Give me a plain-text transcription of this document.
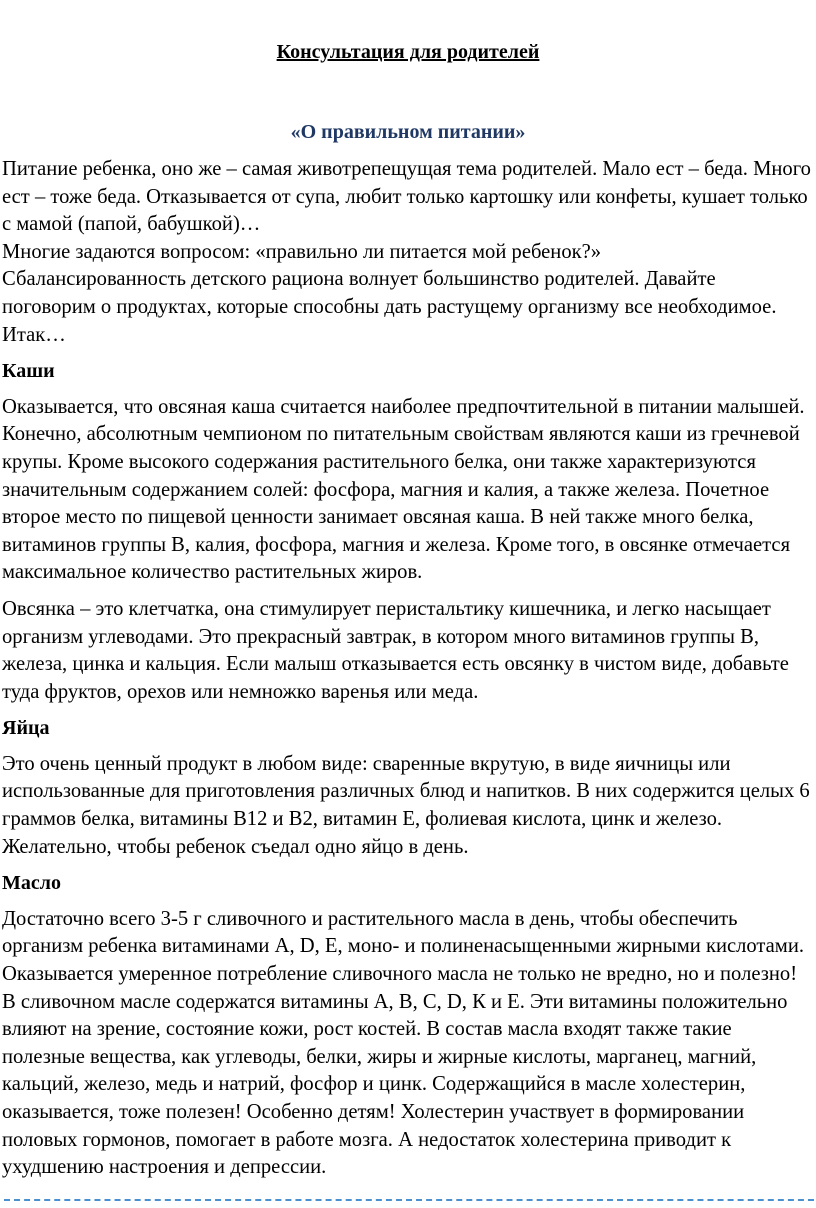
Консультация для родителей
«О правильном питании»

Питание ребенка, оно же – самая животрепещущая тема родителей. Мало ест – беда. Много ест – тоже беда. Отказывается от супа, любит только картошку или конфеты, кушает только с мамой (папой, бабушкой)…

Многие задаются вопросом: «правильно ли питается мой ребенок?»

Сбалансированность детского рациона волнует большинство родителей. Давайте поговорим о продуктах, которые способны дать растущему организму все необходимое. Итак…

Каши

Оказывается, что овсяная каша считается наиболее предпочтительной в питании малышей. Конечно, абсолютным чемпионом по питательным свойствам являются каши из гречневой крупы. Кроме высокого содержания растительного белка, они также характеризуются значительным содержанием солей: фосфора, магния и калия, а также железа. Почетное второе место по пищевой ценности занимает овсяная каша. В ней также много белка, витаминов группы В, калия, фосфора, магния и железа. Кроме того, в овсянке отмечается максимальное количество растительных жиров.

Овсянка – это клетчатка, она стимулирует перистальтику кишечника, и легко насыщает организм углеводами. Это прекрасный завтрак, в котором много витаминов группы В, железа, цинка и кальция. Если малыш отказывается есть овсянку в чистом виде, добавьте туда фруктов, орехов или немножко варенья или меда.

Яйца

Это очень ценный продукт в любом виде: сваренные вкрутую, в виде яичницы или использованные для приготовления различных блюд и напитков. В них содержится целых 6 граммов белка, витамины В12 и В2, витамин Е, фолиевая кислота, цинк и железо. Желательно, чтобы ребенок съедал одно яйцо в день.

Масло

Достаточно всего 3-5 г сливочного и растительного масла в день, чтобы обеспечить организм ребенка витаминами А, D, Е, моно- и полиненасыщенными жирными кислотами. Оказывается умеренное потребление сливочного масла не только не вредно, но и полезно! В сливочном масле содержатся витамины А, В, С, D, К и Е. Эти витамины положительно влияют на зрение, состояние кожи, рост костей. В состав масла входят также такие полезные вещества, как углеводы, белки, жиры и жирные кислоты, марганец, магний, кальций, железо, медь и натрий, фосфор и цинк. Содержащийся в масле холестерин, оказывается, тоже полезен! Особенно детям! Холестерин участвует в формировании половых гормонов, помогает в работе мозга. А недостаток холестерина приводит к ухудшению настроения и депрессии.
